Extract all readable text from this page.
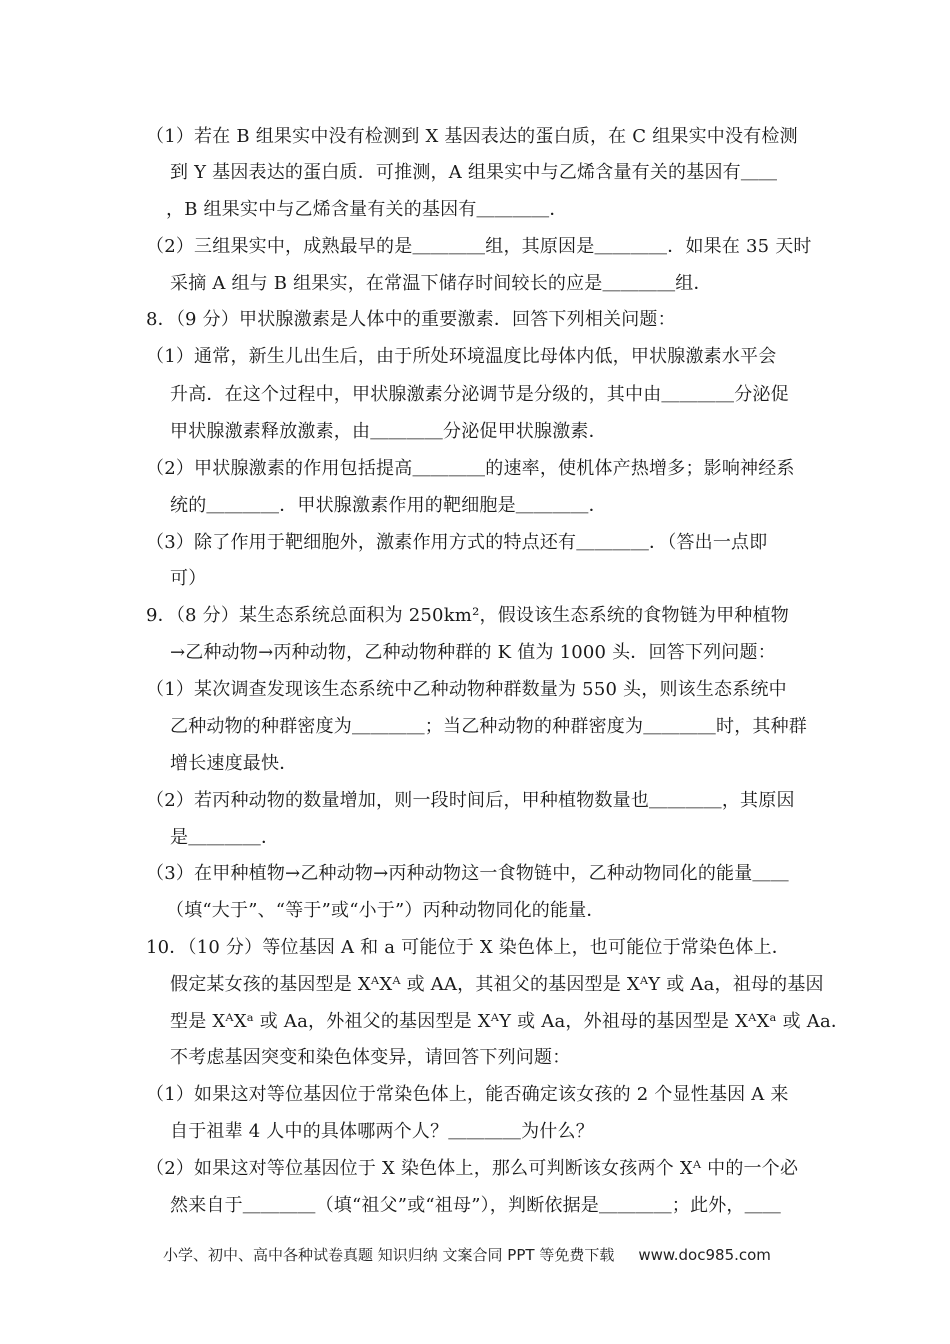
（1）若在 B 组果实中没有检测到 X 基因表达的蛋白质，在 C 组果实中没有检测
到 Y 基因表达的蛋白质．可推测，A 组果实中与乙烯含量有关的基因有＿＿
，B 组果实中与乙烯含量有关的基因有＿＿＿＿．
（2）三组果实中，成熟最早的是＿＿＿＿组，其原因是＿＿＿＿．如果在 35 天时
采摘 A 组与 B 组果实，在常温下储存时间较长的应是＿＿＿＿组．
8．（9 分）甲状腺激素是人体中的重要激素．回答下列相关问题：
（1）通常，新生儿出生后，由于所处环境温度比母体内低，甲状腺激素水平会
升高．在这个过程中，甲状腺激素分泌调节是分级的，其中由＿＿＿＿分泌促
甲状腺激素释放激素，由＿＿＿＿分泌促甲状腺激素．
（2）甲状腺激素的作用包括提高＿＿＿＿的速率，使机体产热增多；影响神经系
统的＿＿＿＿．甲状腺激素作用的靶细胞是＿＿＿＿．
（3）除了作用于靶细胞外，激素作用方式的特点还有＿＿＿＿．（答出一点即
可）
9．（8 分）某生态系统总面积为 250km²，假设该生态系统的食物链为甲种植物
→乙种动物→丙种动物，乙种动物种群的 K 值为 1000 头．回答下列问题：
（1）某次调查发现该生态系统中乙种动物种群数量为 550 头，则该生态系统中
乙种动物的种群密度为＿＿＿＿；当乙种动物的种群密度为＿＿＿＿时，其种群
增长速度最快．
（2）若丙种动物的数量增加，则一段时间后，甲种植物数量也＿＿＿＿，其原因
是＿＿＿＿．
（3）在甲种植物→乙种动物→丙种动物这一食物链中，乙种动物同化的能量＿＿
（填“大于”、“等于”或“小于”）丙种动物同化的能量．
10．（10 分）等位基因 A 和 a 可能位于 X 染色体上，也可能位于常染色体上．
假定某女孩的基因型是 XᴬXᴬ 或 AA，其祖父的基因型是 XᴬY 或 Aa，祖母的基因
型是 XᴬXᵃ 或 Aa，外祖父的基因型是 XᴬY 或 Aa，外祖母的基因型是 XᴬXᵃ 或 Aa．
不考虑基因突变和染色体变异，请回答下列问题：
（1）如果这对等位基因位于常染色体上，能否确定该女孩的 2 个显性基因 A 来
自于祖辈 4 人中的具体哪两个人？＿＿＿＿为什么？
（2）如果这对等位基因位于 X 染色体上，那么可判断该女孩两个 Xᴬ 中的一个必
然来自于＿＿＿＿（填“祖父”或“祖母”），判断依据是＿＿＿＿；此外，＿＿
小学、初中、高中各种试卷真题 知识归纳 文案合同 PPT 等免费下载 www.doc985.com
